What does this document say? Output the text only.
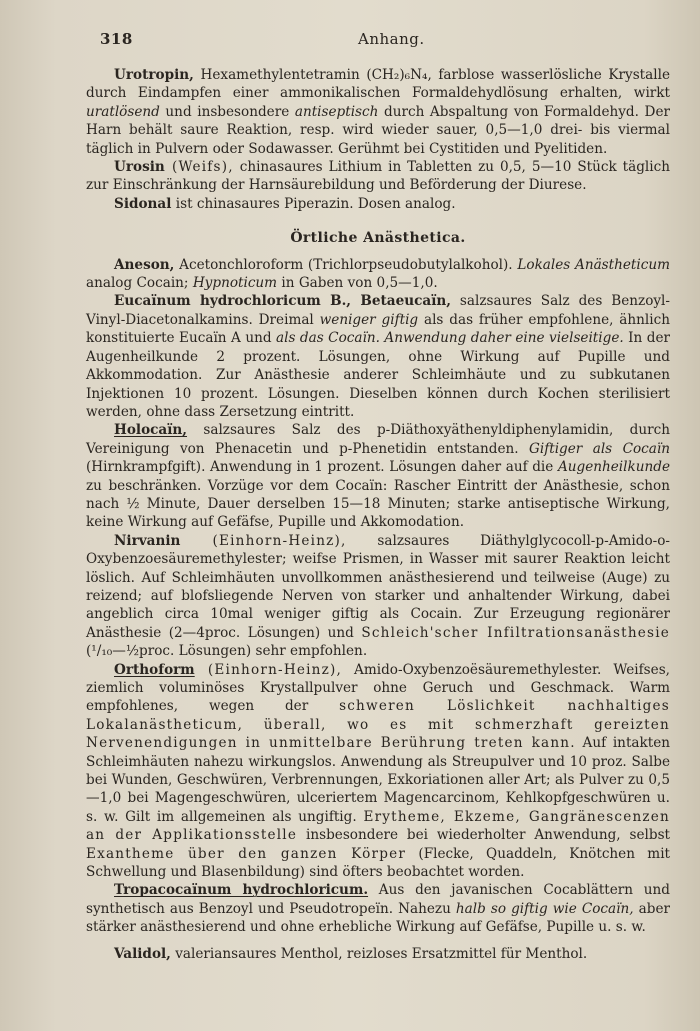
318	Anhang.

Urotropin, Hexamethylentetramin (CH₂)₆N₄, farblose wasserlösliche Krystalle durch Eindampfen einer ammonikalischen Formaldehydlösung erhalten, wirkt uratlösend und insbesondere antiseptisch durch Abspaltung von Formaldehyd. Der Harn behält saure Reaktion, resp. wird wieder sauer, 0,5—1,0 drei- bis viermal täglich in Pulvern oder Sodawasser. Gerühmt bei Cystitiden und Pyelitiden.

Urosin (Weifs), chinasaures Lithium in Tabletten zu 0,5, 5—10 Stück täglich zur Einschränkung der Harnsäurebildung und Beförderung der Diurese.

Sidonal ist chinasaures Piperazin. Dosen analog.

Örtliche Anästhetica.

Aneson, Acetonchloroform (Trichlorpseudobutylalkohol). Lokales Anästheticum analog Cocain; Hypnoticum in Gaben von 0,5—1,0.

Eucaïnum hydrochloricum B., Betaeucaïn, salzsaures Salz des Benzoyl-Vinyl-Diacetonalkamins. Dreimal weniger giftig als das früher empfohlene, ähnlich konstituierte Eucaïn A und als das Cocaïn. Anwendung daher eine vielseitige. In der Augenheilkunde 2 prozent. Lösungen, ohne Wirkung auf Pupille und Akkommodation. Zur Anästhesie anderer Schleimhäute und zu subkutanen Injektionen 10 prozent. Lösungen. Dieselben können durch Kochen sterilisiert werden, ohne dass Zersetzung eintritt.

Holocaïn, salzsaures Salz des p-Diäthoxyäthenyldiphenylamidin, durch Vereinigung von Phenacetin und p-Phenetidin entstanden. Giftiger als Cocaïn (Hirnkrampfgift). Anwendung in 1 prozent. Lösungen daher auf die Augenheilkunde zu beschränken. Vorzüge vor dem Cocaïn: Rascher Eintritt der Anästhesie, schon nach ½ Minute, Dauer derselben 15—18 Minuten; starke antiseptische Wirkung, keine Wirkung auf Gefäfse, Pupille und Akkomodation.

Nirvanin (Einhorn-Heinz), salzsaures Diäthylglycocoll-p-Amido-o-Oxybenzoesäuremethylester; weifse Prismen, in Wasser mit saurer Reaktion leicht löslich. Auf Schleimhäuten unvollkommen anästhesierend und teilweise (Auge) zu reizend; auf blofsliegende Nerven von starker und anhaltender Wirkung, dabei angeblich circa 10mal weniger giftig als Cocain. Zur Erzeugung regionärer Anästhesie (2—4proc. Lösungen) und Schleich'scher Infiltrationsanästhesie (¹/₁₀—½proc. Lösungen) sehr empfohlen.

Orthoform (Einhorn-Heinz), Amido-Oxybenzoësäuremethylester. Weifses, ziemlich voluminöses Krystallpulver ohne Geruch und Geschmack. Warm empfohlenes, wegen der schweren Löslichkeit nachhaltiges Lokalanästheticum, überall, wo es mit schmerzhaft gereizten Nervenendigungen in unmittelbare Berührung treten kann. Auf intakten Schleimhäuten nahezu wirkungslos. Anwendung als Streupulver und 10 proz. Salbe bei Wunden, Geschwüren, Verbrennungen, Exkoriationen aller Art; als Pulver zu 0,5—1,0 bei Magengeschwüren, ulceriertem Magencarcinom, Kehlkopfgeschwüren u. s. w. Gilt im allgemeinen als ungiftig. Erytheme, Ekzeme, Gangränescenzen an der Applikationsstelle insbesondere bei wiederholter Anwendung, selbst Exantheme über den ganzen Körper (Flecke, Quaddeln, Knötchen mit Schwellung und Blasenbildung) sind öfters beobachtet worden.

Tropacocaïnum hydrochloricum. Aus den javanischen Cocablättern und synthetisch aus Benzoyl und Pseudotropeïn. Nahezu halb so giftig wie Cocaïn, aber stärker anästhesierend und ohne erhebliche Wirkung auf Gefäfse, Pupille u. s. w.

Validol, valeriansaures Menthol, reizloses Ersatzmittel für Menthol.
